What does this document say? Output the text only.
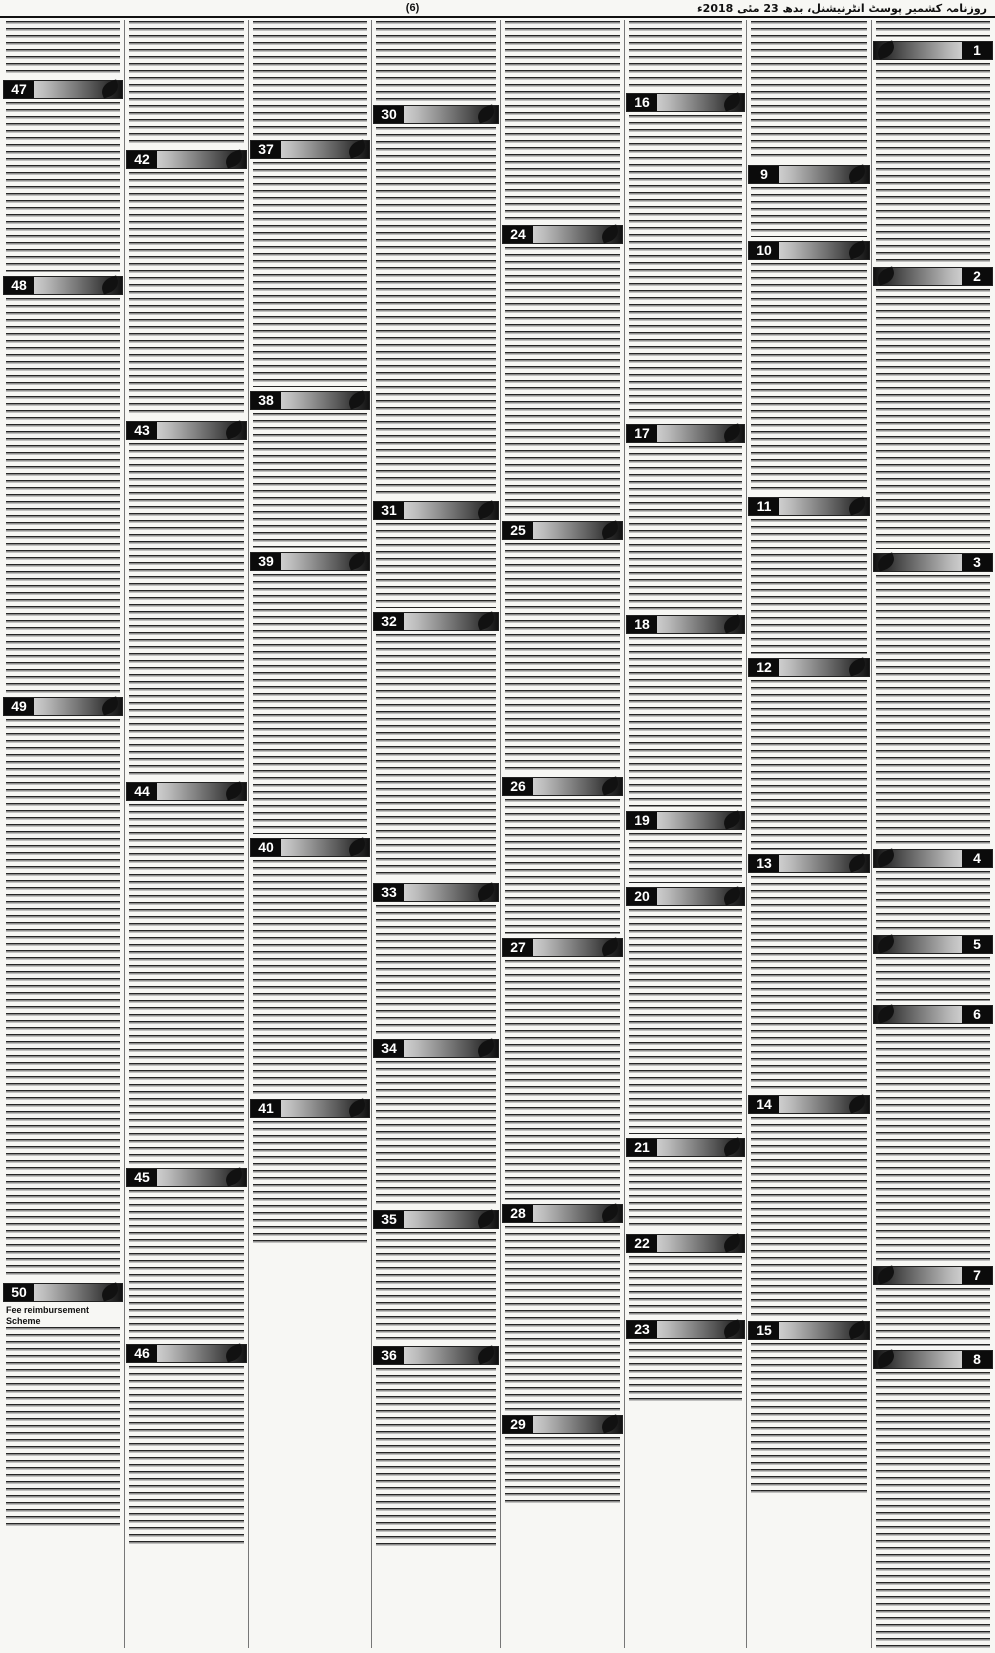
روزنامہ کشمیر پوسٹ انٹرنیشنل، بدھ 23 مئی 2018ء
(6)
1
2
3
4
5
6
7
8
9
10
11
12
13
14
15
16
17
18
19
20
21
22
23
24
25
26
27
28
29
30
31
32
33
34
35
36
37
38
39
40
41
42
43
44
45
46
47
48
49
50
Fee reimbursement Scheme
